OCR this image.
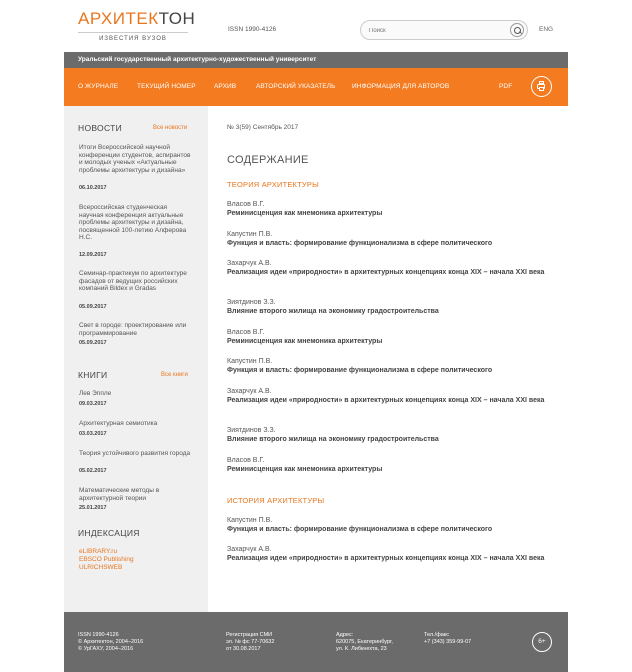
АРХИТЕКТОН
ИЗВЕСТИЯ ВУЗОВ
ISSN 1990-4126
Поиск	ENG
Уральский государственный архитектурно-художественный университет
О ЖУРНАЛЕ	ТЕКУЩИЙ НОМЕР	АРХИВ	АВТОРСКИЙ УКАЗАТЕЛЬ	ИНФОРМАЦИЯ ДЛЯ АВТОРОВ	PDF
НОВОСТИ	Все новости
Итоги Всероссийской научной конференции студентов, аспирантов и молодых ученых «Актуальные проблемы архитектуры и дизайна»
06.10.2017
Всероссийская студенческая научная конференция актуальные проблемы архитектуры и дизайна, посвященной 100-летию Алферова Н.С.
12.09.2017
Семинар-практикум по архитектуре фасадов от ведущих российских компаний Bildex и Gradas
05.09.2017
Свет в городе: проектирование или программирование
05.09.2017
КНИГИ	Все книги
Лев Эппле
09.03.2017
Архитектурная семиотика
03.03.2017
Теория устойчивого развития города
05.02.2017
Математические методы в архитектурной теории
25.01.2017
ИНДЕКСАЦИЯ
eLIBRARY.ru
EBSCO Publishing
ULRICHSWEB
№ 3(59) Сентябрь 2017
СОДЕРЖАНИЕ
ТЕОРИЯ АРХИТЕКТУРЫ
Власов В.Г.
Реминисценция как мнемоника архитектуры
Капустин П.В.
Функция и власть: формирование функционализма в сфере политического
Захарчук А.В.
Реализация идеи «природности» в архитектурных концепциях конца XIX – начала XXI века
Зиятдинов З.З.
Влияние второго жилища на экономику градостроительства
Власов В.Г.
Реминисценция как мнемоника архитектуры
Капустин П.В.
Функция и власть: формирование функционализма в сфере политического
Захарчук А.В.
Реализация идеи «природности» в архитектурных концепциях конца XIX – начала XXI века
Зиятдинов З.З.
Влияние второго жилища на экономику градостроительства
Власов В.Г.
Реминисценция как мнемоника архитектуры
ИСТОРИЯ АРХИТЕКТУРЫ
Капустин П.В.
Функция и власть: формирование функционализма в сфере политического
Захарчук А.В.
Реализация идеи «природности» в архитектурных концепциях конца XIX – начала XXI века
ISSN 1990-4126
© Архитектон, 2004–2016
© УрГАХУ, 2004–2016
Регистрация СМИ
эл. № фс 77-70632
от 30.08.2017
Адрес:
620075, Екатеринбург,
ул. К. Либкнехта, 23
Тел./факс
+7 (343) 359-99-07	6+
